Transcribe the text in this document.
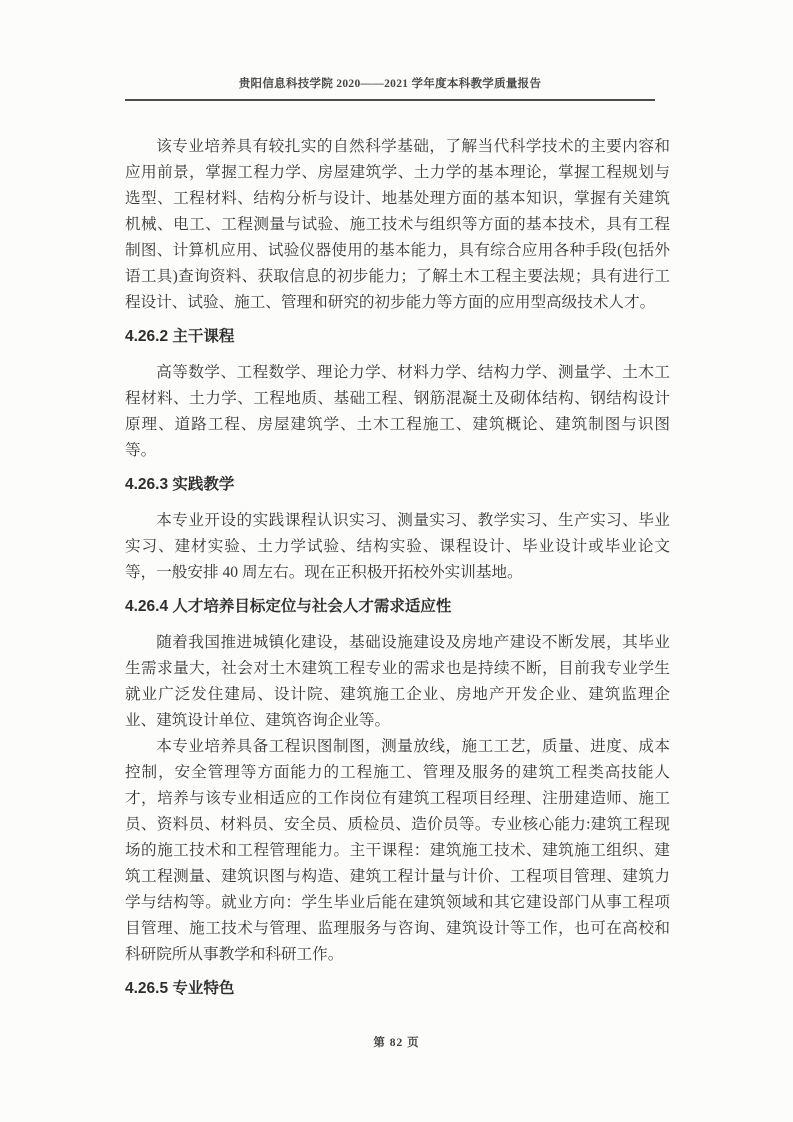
贵阳信息科技学院 2020——2021 学年度本科教学质量报告

该专业培养具有较扎实的自然科学基础，了解当代科学技术的主要内容和应用前景，掌握工程力学、房屋建筑学、土力学的基本理论，掌握工程规划与选型、工程材料、结构分析与设计、地基处理方面的基本知识，掌握有关建筑机械、电工、工程测量与试验、施工技术与组织等方面的基本技术，具有工程制图、计算机应用、试验仪器使用的基本能力，具有综合应用各种手段(包括外语工具)查询资料、获取信息的初步能力；了解土木工程主要法规；具有进行工程设计、试验、施工、管理和研究的初步能力等方面的应用型高级技术人才。

4.26.2 主干课程

高等数学、工程数学、理论力学、材料力学、结构力学、测量学、土木工程材料、土力学、工程地质、基础工程、钢筋混凝土及砌体结构、钢结构设计原理、道路工程、房屋建筑学、土木工程施工、建筑概论、建筑制图与识图等。

4.26.3 实践教学

本专业开设的实践课程认识实习、测量实习、教学实习、生产实习、毕业实习、建材实验、土力学试验、结构实验、课程设计、毕业设计或毕业论文等，一般安排 40 周左右。现在正积极开拓校外实训基地。

4.26.4 人才培养目标定位与社会人才需求适应性

随着我国推进城镇化建设，基础设施建设及房地产建设不断发展，其毕业生需求量大，社会对土木建筑工程专业的需求也是持续不断，目前我专业学生就业广泛发住建局、设计院、建筑施工企业、房地产开发企业、建筑监理企业、建筑设计单位、建筑咨询企业等。

本专业培养具备工程识图制图，测量放线，施工工艺，质量、进度、成本控制，安全管理等方面能力的工程施工、管理及服务的建筑工程类高技能人才，培养与该专业相适应的工作岗位有建筑工程项目经理、注册建造师、施工员、资料员、材料员、安全员、质检员、造价员等。专业核心能力:建筑工程现场的施工技术和工程管理能力。主干课程：建筑施工技术、建筑施工组织、建筑工程测量、建筑识图与构造、建筑工程计量与计价、工程项目管理、建筑力学与结构等。就业方向：学生毕业后能在建筑领域和其它建设部门从事工程项目管理、施工技术与管理、监理服务与咨询、建筑设计等工作，也可在高校和科研院所从事教学和科研工作。

4.26.5 专业特色
第 82 页
